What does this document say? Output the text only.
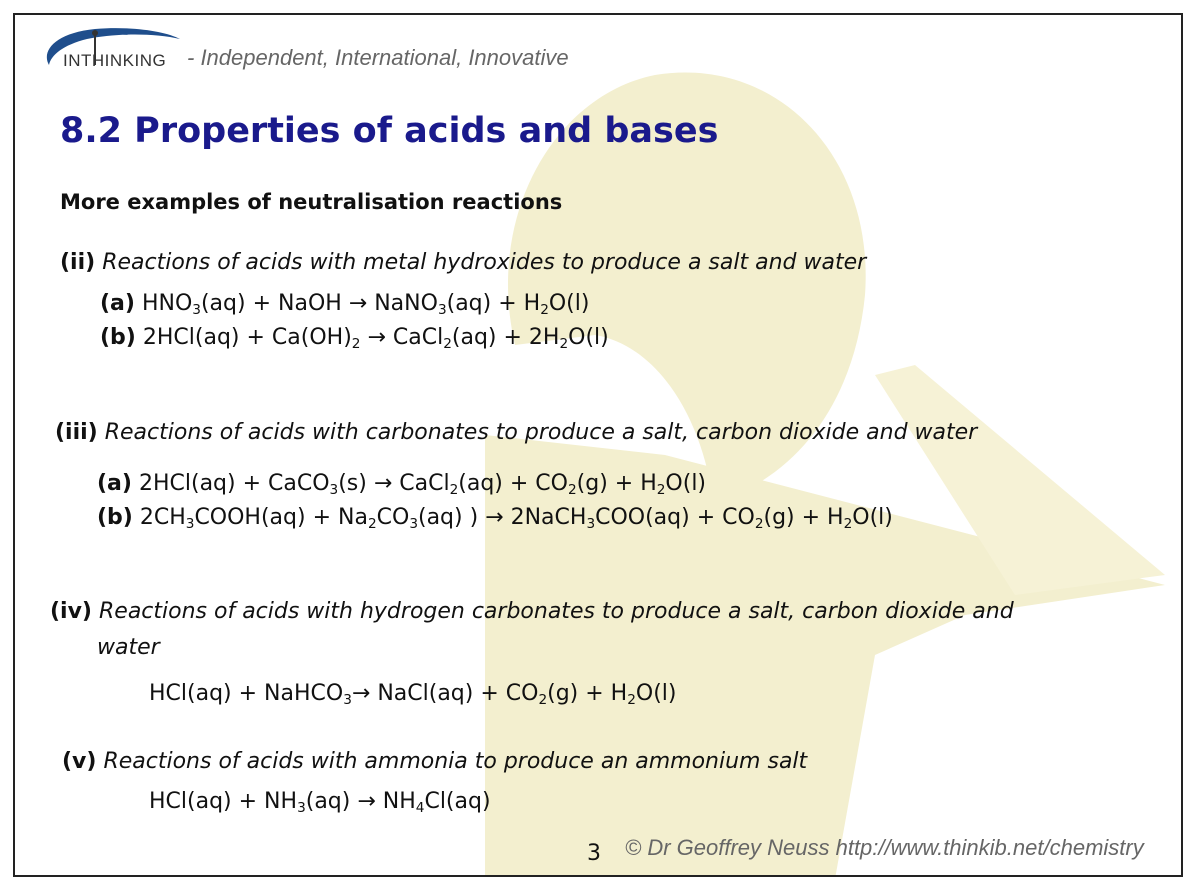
INTHINKING - Independent, International, Innovative
8.2 Properties of acids and bases
More examples of neutralisation reactions
(ii) Reactions of acids with metal hydroxides to produce a salt and water
(a) $HNO_3(aq)$ + NaOH → NaNO$_3$(aq) + $H_2O(l)$
(b) $2HCl(aq) + Ca(OH)_2$ → CaCl$_2$(aq) + $2H_2O(l)$
(iii) Reactions of acids with carbonates to produce a salt, carbon dioxide and water
(a) 2HCl(aq) + CaCO$_3$(s) → CaCl$_2$(aq) + $CO_2(g) + H_2O(l)$
(b) $2CH_3COOH(aq) + Na_2CO_3(aq)$ ) → 2NaCH$_3$COO(aq) + $CO_2(g) + H_2O(l)$
(iv) Reactions of acids with hydrogen carbonates to produce a salt, carbon dioxide and
water
HCl(aq) + NaHCO$_3$→ NaCl(aq) + $CO_2(g) + H_2O(l)$
(v) Reactions of acids with ammonia to produce an ammonium salt
$HCl(aq) + NH_3(aq) \to NH_4Cl(aq)$
3 © Dr Geoffrey Neuss http://www.thinkib.net/chemistry
